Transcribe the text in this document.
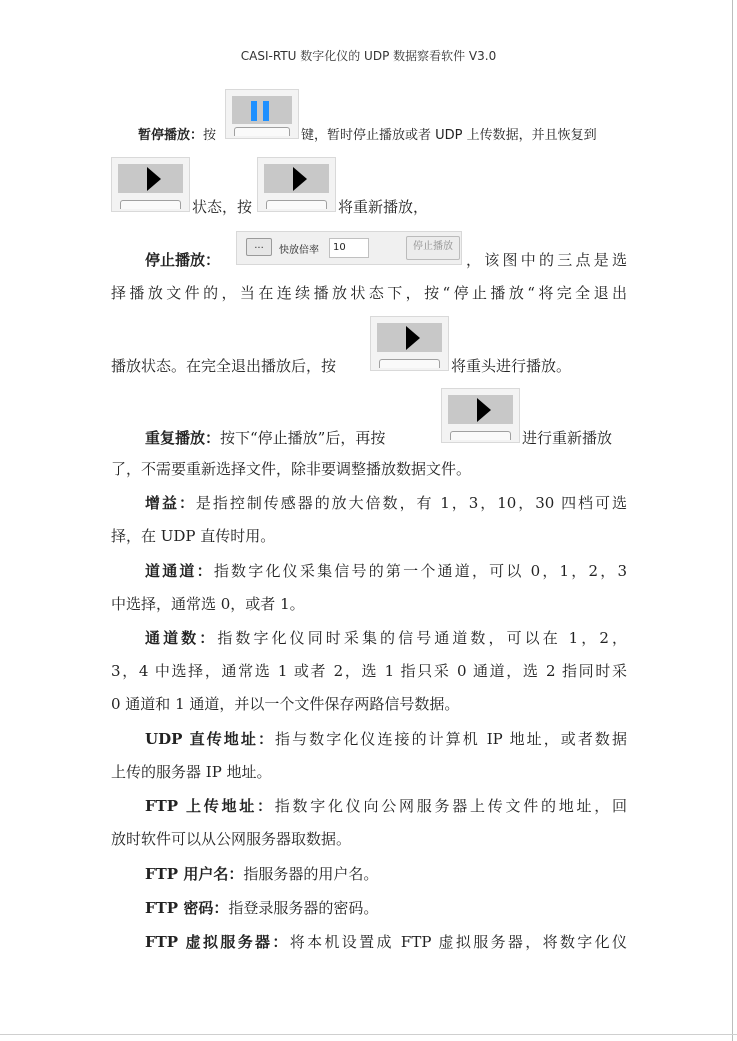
CASI-RTU 数字化仪的 UDP 数据察看软件 V3.0
暂停播放：按	键，暂时停止播放或者 UDP 上传数据，并且恢复到
状态，按	将重新播放，
停止播放：
...	快放倍率	10	停止播放
，该图中的三点是选
择播放文件的，当在连续播放状态下，按“停止播放“将完全退出
播放状态。在完全退出播放后，按	将重头进行播放。
重复播放：按下“停止播放”后，再按	进行重新播放
了，不需要重新选择文件，除非要调整播放数据文件。
增益：是指控制传感器的放大倍数，有 1，3，10，30 四档可选
择，在 UDP 直传时用。
道通道：指数字化仪采集信号的第一个通道，可以 0，1，2，3
中选择，通常选 0，或者 1。
通道数：指数字化仪同时采集的信号通道数，可以在 1，2，
3，4 中选择，通常选 1 或者 2，选 1 指只采 0 通道，选 2 指同时采
0 通道和 1 通道，并以一个文件保存两路信号数据。
UDP 直传地址：指与数字化仪连接的计算机 IP 地址，或者数据
上传的服务器 IP 地址。
FTP 上传地址：指数字化仪向公网服务器上传文件的地址，回
放时软件可以从公网服务器取数据。
FTP 用户名：指服务器的用户名。
FTP 密码：指登录服务器的密码。
FTP 虚拟服务器：将本机设置成 FTP 虚拟服务器，将数字化仪
